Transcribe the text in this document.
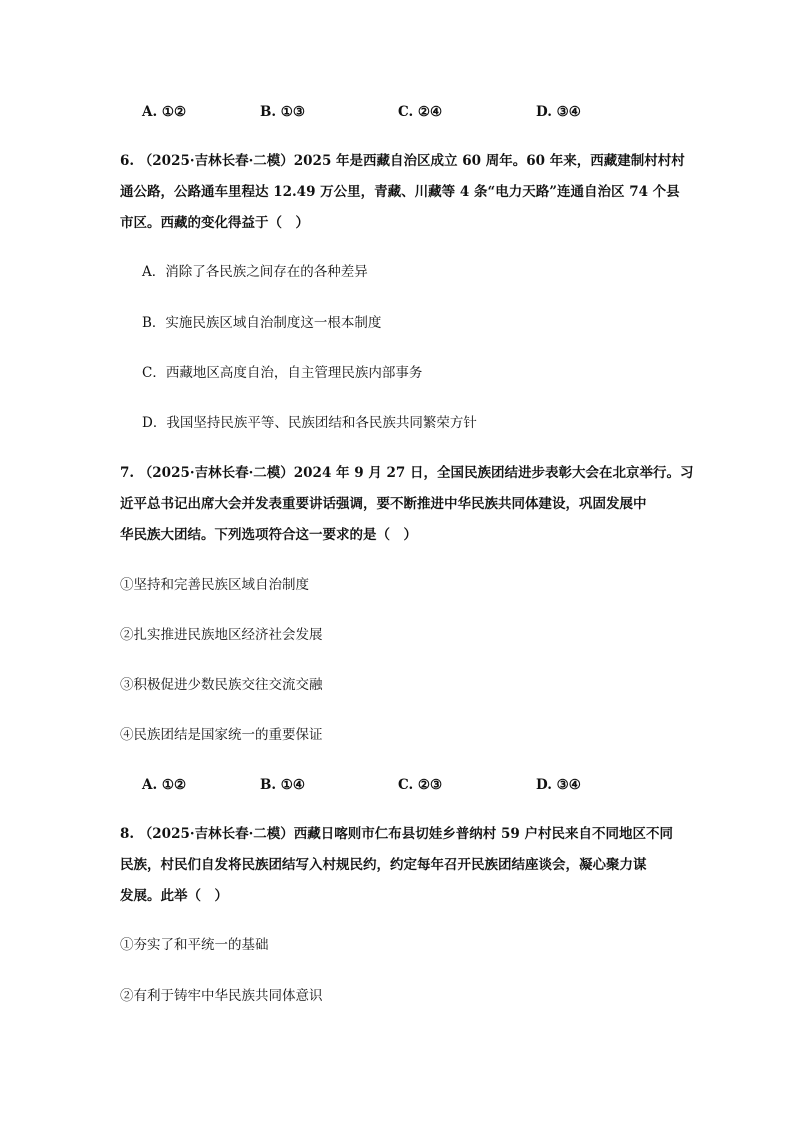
A. ①②	B. ①③	C. ②④	D. ③④
6. （2025·吉林长春·二模）2025 年是西藏自治区成立 60 周年。60 年来，西藏建制村村村
通公路，公路通车里程达 12.49 万公里，青藏、川藏等 4 条“电力天路”连通自治区 74 个县
市区。西藏的变化得益于（　）
A．消除了各民族之间存在的各种差异
B．实施民族区域自治制度这一根本制度
C．西藏地区高度自治，自主管理民族内部事务
D．我国坚持民族平等、民族团结和各民族共同繁荣方针
7. （2025·吉林长春·二模）2024 年 9 月 27 日，全国民族团结进步表彰大会在北京举行。习
近平总书记出席大会并发表重要讲话强调，要不断推进中华民族共同体建设，巩固发展中
华民族大团结。下列选项符合这一要求的是（　）
①坚持和完善民族区域自治制度
②扎实推进民族地区经济社会发展
③积极促进少数民族交往交流交融
④民族团结是国家统一的重要保证
A. ①②	B. ①④	C. ②③	D. ③④
8. （2025·吉林长春·二模）西藏日喀则市仁布县切娃乡普纳村 59 户村民来自不同地区不同
民族，村民们自发将民族团结写入村规民约，约定每年召开民族团结座谈会，凝心聚力谋
发展。此举（　）
①夯实了和平统一的基础
②有利于铸牢中华民族共同体意识
